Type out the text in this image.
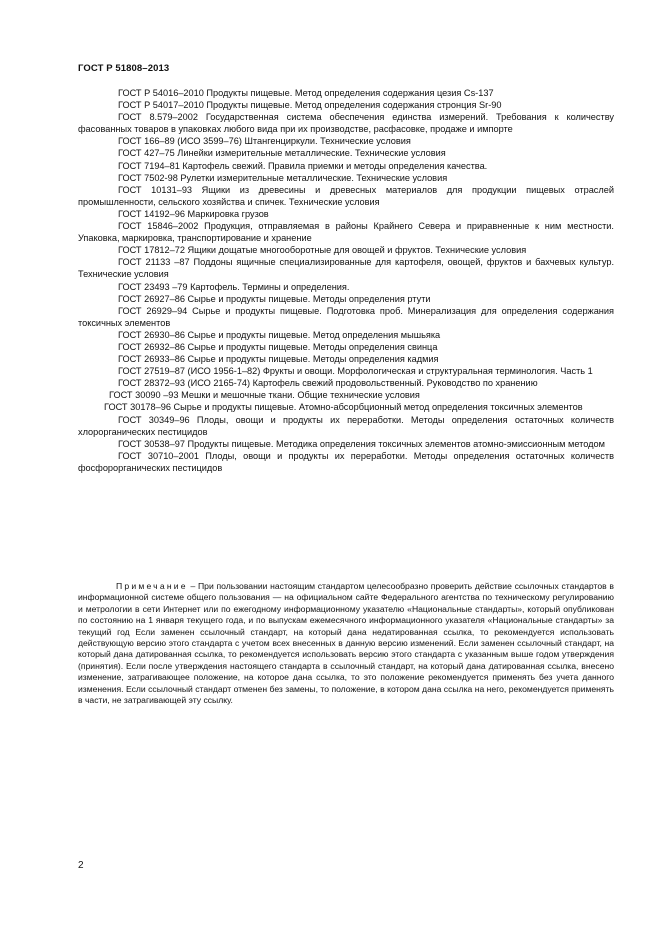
ГОСТ Р 51808–2013

ГОСТ Р 54016–2010 Продукты пищевые. Метод определения содержания цезия Cs-137

ГОСТ Р 54017–2010 Продукты пищевые. Метод определения содержания стронция Sr-90

ГОСТ 8.579–2002 Государственная система обеспечения единства измерений. Требования к количеству фасованных товаров в упаковках любого вида при их производстве, расфасовке, продаже и импорте

ГОСТ 166–89 (ИСО 3599–76) Штангенциркули. Технические условия

ГОСТ 427–75 Линейки измерительные металлические. Технические условия

ГОСТ 7194–81 Картофель свежий. Правила приемки и методы определения качества.

ГОСТ 7502-98 Рулетки измерительные металлические. Технические условия

ГОСТ 10131–93 Ящики из древесины и древесных материалов для продукции пищевых отраслей промышленности, сельского хозяйства и спичек. Технические условия

ГОСТ 14192–96 Маркировка грузов

ГОСТ 15846–2002 Продукция, отправляемая в районы Крайнего Севера и приравненные к ним местности. Упаковка, маркировка, транспортирование и хранение

ГОСТ 17812–72 Ящики дощатые многооборотные для овощей и фруктов. Технические условия

ГОСТ 21133 –87 Поддоны ящичные специализированные для картофеля, овощей, фруктов и бахчевых культур. Технические условия

ГОСТ 23493 –79 Картофель. Термины и определения.

ГОСТ 26927–86 Сырье и продукты пищевые. Методы определения ртути

ГОСТ 26929–94 Сырье и продукты пищевые. Подготовка проб. Минерализация для определения содержания токсичных элементов

ГОСТ 26930–86 Сырье и продукты пищевые. Метод определения мышьяка

ГОСТ 26932–86 Сырье и продукты пищевые. Методы определения свинца

ГОСТ 26933–86 Сырье и продукты пищевые. Методы определения кадмия

ГОСТ 27519–87 (ИСО 1956-1–82) Фрукты и овощи. Морфологическая и структуральная терминология. Часть 1

ГОСТ 28372–93 (ИСО 2165-74) Картофель свежий продовольственный. Руководство по хранению

ГОСТ 30090 –93 Мешки и мешочные ткани. Общие технические условия

ГОСТ 30178–96 Сырье и продукты пищевые. Атомно-абсорбционный метод определения токсичных элементов

ГОСТ 30349–96 Плоды, овощи и продукты их переработки. Методы определения остаточных количеств хлорорганических пестицидов

ГОСТ 30538–97 Продукты пищевые. Методика определения токсичных элементов атомно-эмиссионным методом

ГОСТ 30710–2001 Плоды, овощи и продукты их переработки. Методы определения остаточных количеств фосфорорганических пестицидов

Примечание – При пользовании настоящим стандартом целесообразно проверить действие ссылочных стандартов в информационной системе общего пользования — на официальном сайте Федерального агентства по техническому регулированию и метрологии в сети Интернет или по ежегодному информационному указателю «Национальные стандарты», который опубликован по состоянию на 1 января текущего года, и по выпускам ежемесячного информационного указателя «Национальные стандарты» за текущий год Если заменен ссылочный стандарт, на который дана недатированная ссылка, то рекомендуется использовать действующую версию этого стандарта с учетом всех внесенных в данную версию изменений. Если заменен ссылочный стандарт, на который дана датированная ссылка, то рекомендуется использовать версию этого стандарта с указанным выше годом утверждения (принятия). Если после утверждения настоящего стандарта в ссылочный стандарт, на который дана датированная ссылка, внесено изменение, затрагивающее положение, на которое дана ссылка, то это положение рекомендуется применять без учета данного изменения. Если ссылочный стандарт отменен без замены, то положение, в котором дана ссылка на него, рекомендуется применять в части, не затрагивающей эту ссылку.

2
